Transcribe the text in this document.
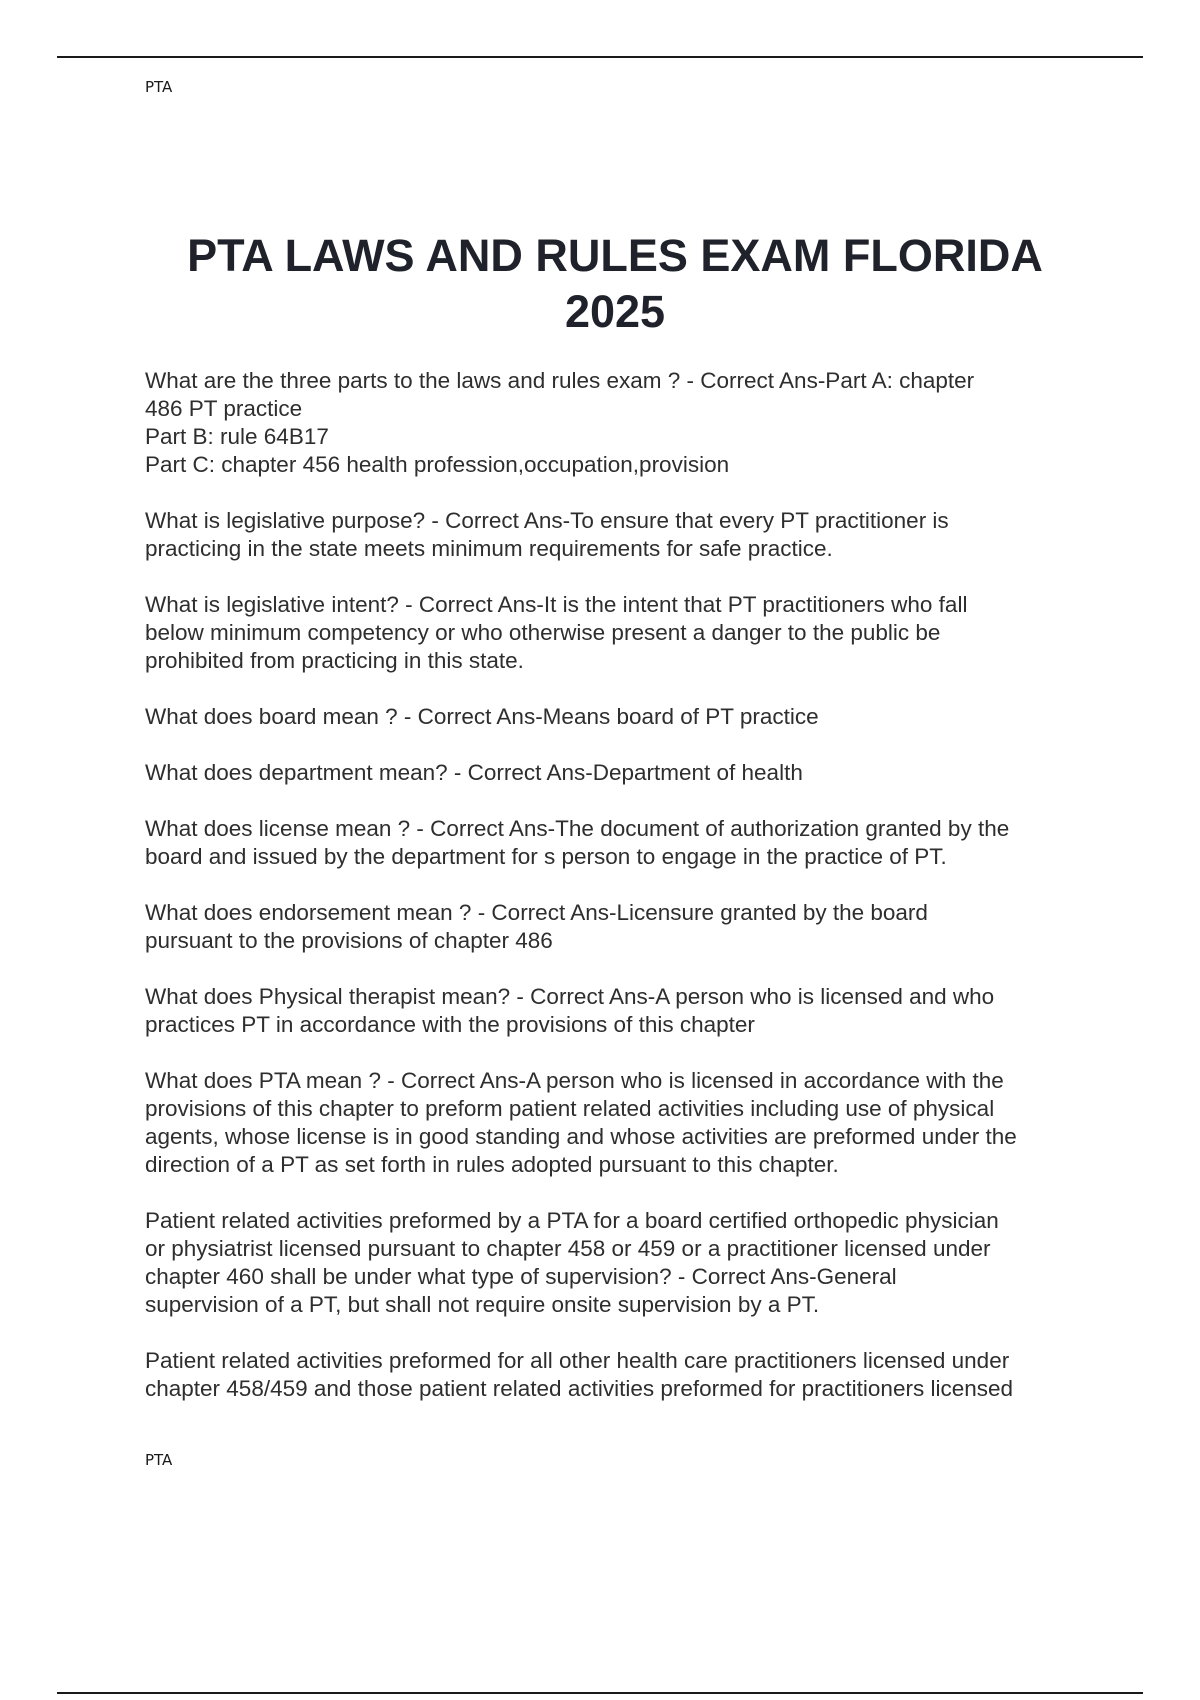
PTA
PTA LAWS AND RULES EXAM FLORIDA
2025
What are the three parts to the laws and rules exam ? - Correct Ans-Part A: chapter
486 PT practice
Part B: rule 64B17
Part C: chapter 456 health profession,occupation,provision
What is legislative purpose? - Correct Ans-To ensure that every PT practitioner is
practicing in the state meets minimum requirements for safe practice.
What is legislative intent? - Correct Ans-It is the intent that PT practitioners who fall
below minimum competency or who otherwise present a danger to the public be
prohibited from practicing in this state.
What does board mean ? - Correct Ans-Means board of PT practice
What does department mean? - Correct Ans-Department of health
What does license mean ? - Correct Ans-The document of authorization granted by the
board and issued by the department for s person to engage in the practice of PT.
What does endorsement mean ? - Correct Ans-Licensure granted by the board
pursuant to the provisions of chapter 486
What does Physical therapist mean? - Correct Ans-A person who is licensed and who
practices PT in accordance with the provisions of this chapter
What does PTA mean ? - Correct Ans-A person who is licensed in accordance with the
provisions of this chapter to preform patient related activities including use of physical
agents, whose license is in good standing and whose activities are preformed under the
direction of a PT as set forth in rules adopted pursuant to this chapter.
Patient related activities preformed by a PTA for a board certified orthopedic physician
or physiatrist licensed pursuant to chapter 458 or 459 or a practitioner licensed under
chapter 460 shall be under what type of supervision? - Correct Ans-General
supervision of a PT, but shall not require onsite supervision by a PT.
Patient related activities preformed for all other health care practitioners licensed under
chapter 458/459 and those patient related activities preformed for practitioners licensed
PTA
